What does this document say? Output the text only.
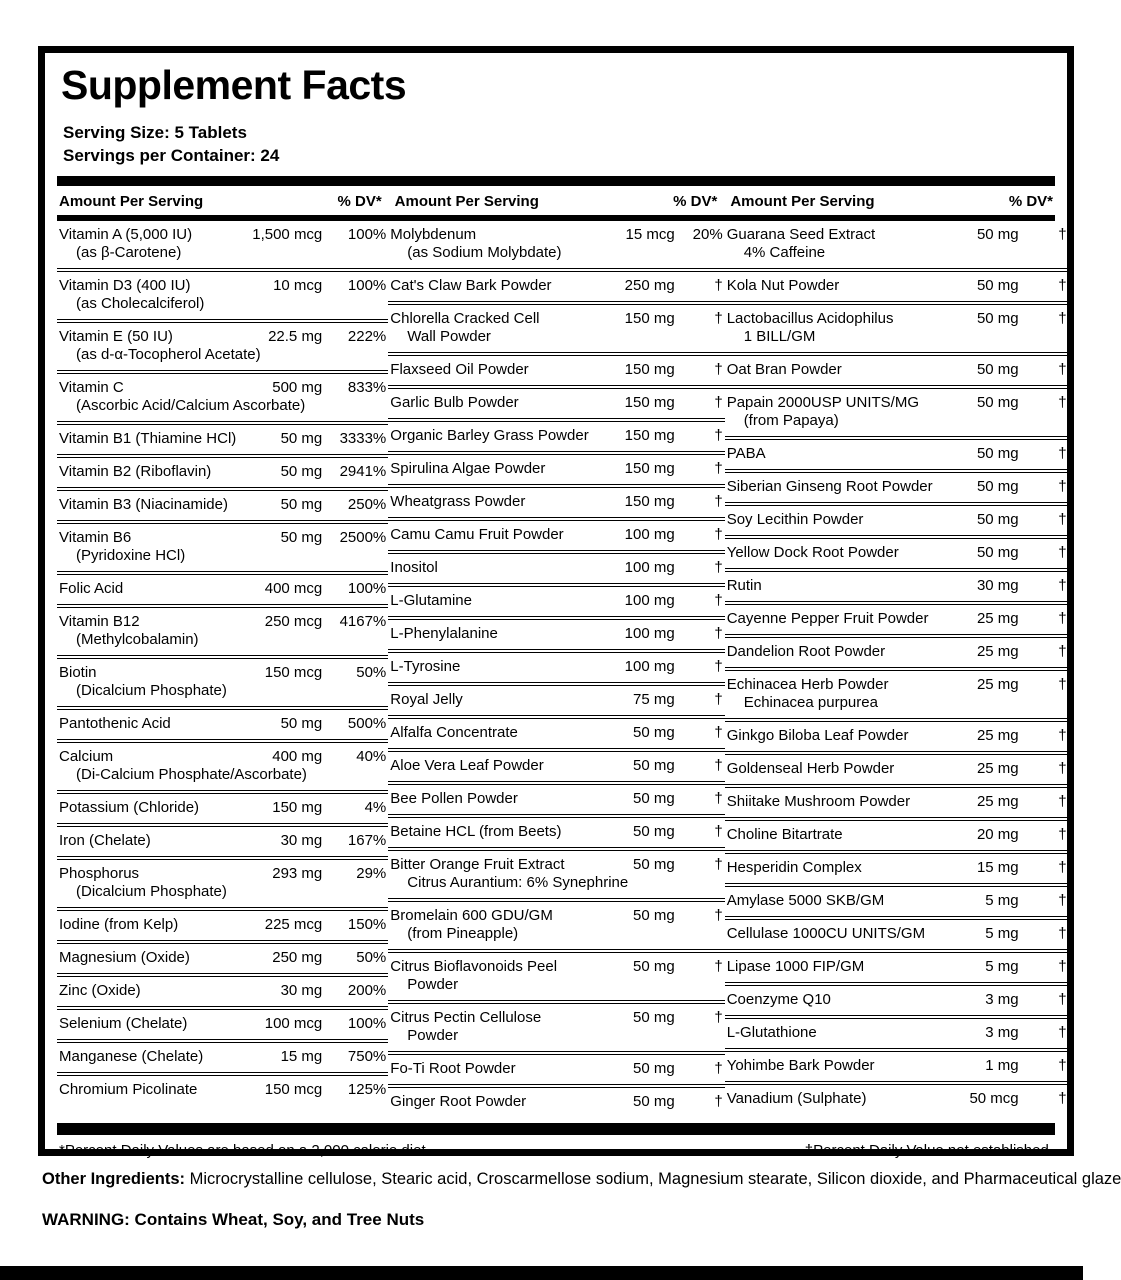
Supplement Facts
Serving Size: 5 Tablets
Servings per Container: 24
Amount Per Serving	% DV* Amount Per Serving	% DV* Amount Per Serving	% DV*
Vitamin A (5,000 IU)	1,500 mcg	100%
(as β-Carotene)
Vitamin D3 (400 IU)	10 mcg	100%
(as Cholecalciferol)
Vitamin E (50 IU)	22.5 mg	222%
(as d-α-Tocopherol Acetate)
Vitamin C	500 mg	833%
(Ascorbic Acid/Calcium Ascorbate)
Vitamin B1 (Thiamine HCl)	50 mg	3333%
Vitamin B2 (Riboflavin)	50 mg	2941%
Vitamin B3 (Niacinamide)	50 mg	250%
Vitamin B6	50 mg	2500%
(Pyridoxine HCl)
Folic Acid	400 mcg	100%
Vitamin B12	250 mcg	4167%
(Methylcobalamin)
Biotin	150 mcg	50%
(Dicalcium Phosphate)
Pantothenic Acid	50 mg	500%
Calcium	400 mg	40%
(Di-Calcium Phosphate/Ascorbate)
Potassium (Chloride)	150 mg	4%
Iron (Chelate)	30 mg	167%
Phosphorus	293 mg	29%
(Dicalcium Phosphate)
Iodine (from Kelp)	225 mcg	150%
Magnesium (Oxide)	250 mg	50%
Zinc (Oxide)	30 mg	200%
Selenium (Chelate)	100 mcg	100%
Manganese (Chelate)	15 mg	750%
Chromium Picolinate	150 mcg	125%
Molybdenum	15 mcg	20%
(as Sodium Molybdate)
Cat's Claw Bark Powder	250 mg	†
Chlorella Cracked Cell	150 mg	†
Wall Powder
Flaxseed Oil Powder	150 mg	†
Garlic Bulb Powder	150 mg	†
Organic Barley Grass Powder	150 mg	†
Spirulina Algae Powder	150 mg	†
Wheatgrass Powder	150 mg	†
Camu Camu Fruit Powder	100 mg	†
Inositol	100 mg	†
L-Glutamine	100 mg	†
L-Phenylalanine	100 mg	†
L-Tyrosine	100 mg	†
Royal Jelly	75 mg	†
Alfalfa Concentrate	50 mg	†
Aloe Vera Leaf Powder	50 mg	†
Bee Pollen Powder	50 mg	†
Betaine HCL (from Beets)	50 mg	†
Bitter Orange Fruit Extract	50 mg	†
Citrus Aurantium: 6% Synephrine
Bromelain 600 GDU/GM	50 mg	†
(from Pineapple)
Citrus Bioflavonoids Peel	50 mg	†
Powder
Citrus Pectin Cellulose	50 mg	†
Powder
Fo-Ti Root Powder	50 mg	†
Ginger Root Powder	50 mg	†
Guarana Seed Extract	50 mg	†
4% Caffeine
Kola Nut Powder	50 mg	†
Lactobacillus Acidophilus	50 mg	†
1 BILL/GM
Oat Bran Powder	50 mg	†
Papain 2000USP UNITS/MG	50 mg	†
(from Papaya)
PABA	50 mg	†
Siberian Ginseng Root Powder	50 mg	†
Soy Lecithin Powder	50 mg	†
Yellow Dock Root Powder	50 mg	†
Rutin	30 mg	†
Cayenne Pepper Fruit Powder	25 mg	†
Dandelion Root Powder	25 mg	†
Echinacea Herb Powder	25 mg	†
Echinacea purpurea
Ginkgo Biloba Leaf Powder	25 mg	†
Goldenseal Herb Powder	25 mg	†
Shiitake Mushroom Powder	25 mg	†
Choline Bitartrate	20 mg	†
Hesperidin Complex	15 mg	†
Amylase 5000 SKB/GM	5 mg	†
Cellulase 1000CU UNITS/GM	5 mg	†
Lipase 1000 FIP/GM	5 mg	†
Coenzyme Q10	3 mg	†
L-Glutathione	3 mg	†
Yohimbe Bark Powder	1 mg	†
Vanadium (Sulphate)	50 mcg	†
*Percent Daily Values are based on a 2,000 calorie diet.	†Percent Daily Value not established.
Other Ingredients: Microcrystalline cellulose, Stearic acid, Croscarmellose sodium, Magnesium stearate, Silicon dioxide, and Pharmaceutical glaze
WARNING: Contains Wheat, Soy, and Tree Nuts
